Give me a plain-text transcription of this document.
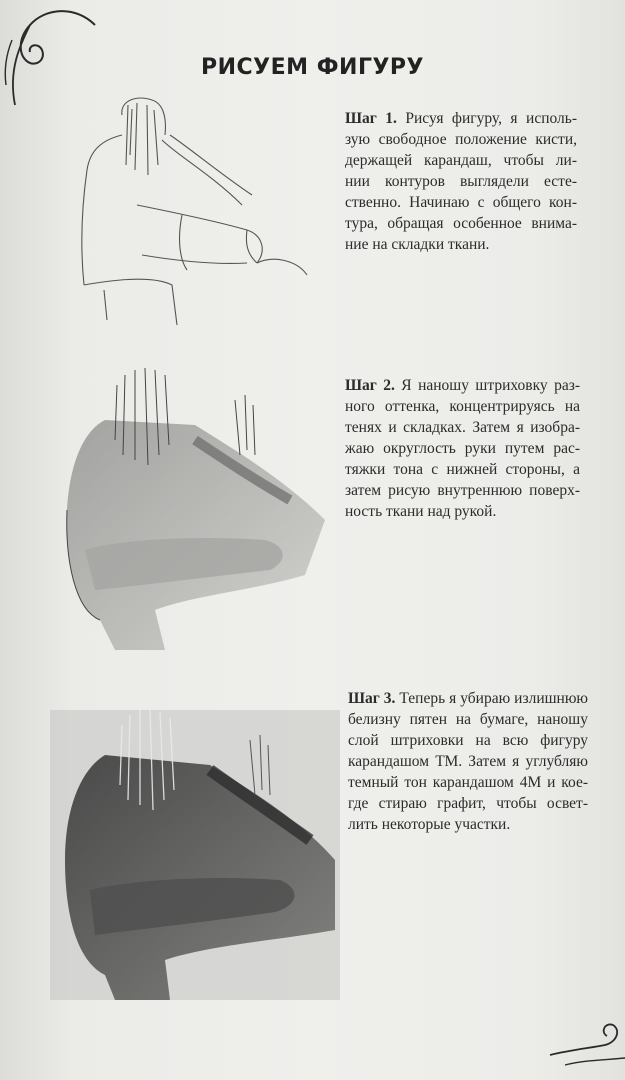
РИСУЕМ ФИГУРУ
Шаг 1. Рисуя фигуру, я исполь-зую свободное положение кисти, держащей карандаш, чтобы ли-нии контуров выглядели есте-ственно. Начинаю с общего кон-тура, обращая особенное внима-ние на складки ткани.
Шаг 2. Я наношу штриховку раз-ного оттенка, концентрируясь на тенях и складках. Затем я изобра-жаю округлость руки путем рас-тяжки тона с нижней стороны, а затем рисую внутреннюю поверх-ность ткани над рукой.
Шаг 3. Теперь я убираю излишнюю белизну пятен на бумаге, наношу слой штриховки на всю фигуру карандашом ТМ. Затем я углубляю темный тон карандашом 4М и кое-где стираю графит, чтобы освет-лить некоторые участки.
